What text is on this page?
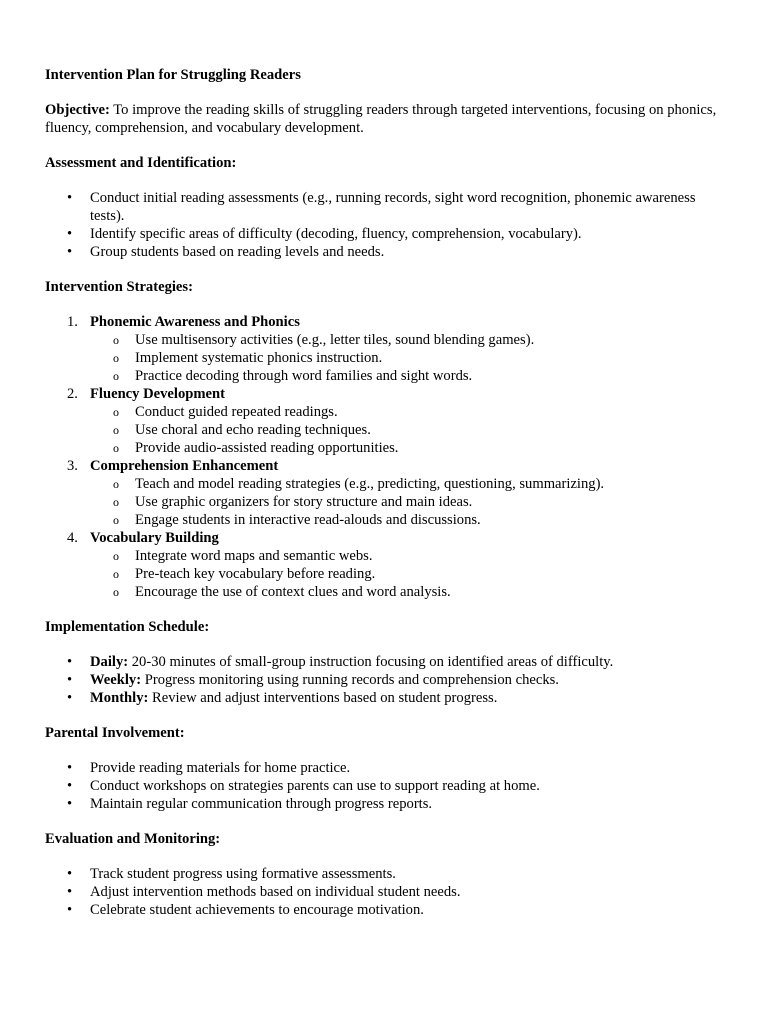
Intervention Plan for Struggling Readers

Objective: To improve the reading skills of struggling readers through targeted interventions, focusing on phonics, fluency, comprehension, and vocabulary development.

Assessment and Identification:

• Conduct initial reading assessments (e.g., running records, sight word recognition, phonemic awareness tests).
• Identify specific areas of difficulty (decoding, fluency, comprehension, vocabulary).
• Group students based on reading levels and needs.

Intervention Strategies:

1. Phonemic Awareness and Phonics
o Use multisensory activities (e.g., letter tiles, sound blending games).
o Implement systematic phonics instruction.
o Practice decoding through word families and sight words.
2. Fluency Development
o Conduct guided repeated readings.
o Use choral and echo reading techniques.
o Provide audio-assisted reading opportunities.
3. Comprehension Enhancement
o Teach and model reading strategies (e.g., predicting, questioning, summarizing).
o Use graphic organizers for story structure and main ideas.
o Engage students in interactive read-alouds and discussions.
4. Vocabulary Building
o Integrate word maps and semantic webs.
o Pre-teach key vocabulary before reading.
o Encourage the use of context clues and word analysis.

Implementation Schedule:

• Daily: 20-30 minutes of small-group instruction focusing on identified areas of difficulty.
• Weekly: Progress monitoring using running records and comprehension checks.
• Monthly: Review and adjust interventions based on student progress.

Parental Involvement:

• Provide reading materials for home practice.
• Conduct workshops on strategies parents can use to support reading at home.
• Maintain regular communication through progress reports.

Evaluation and Monitoring:

• Track student progress using formative assessments.
• Adjust intervention methods based on individual student needs.
• Celebrate student achievements to encourage motivation.
